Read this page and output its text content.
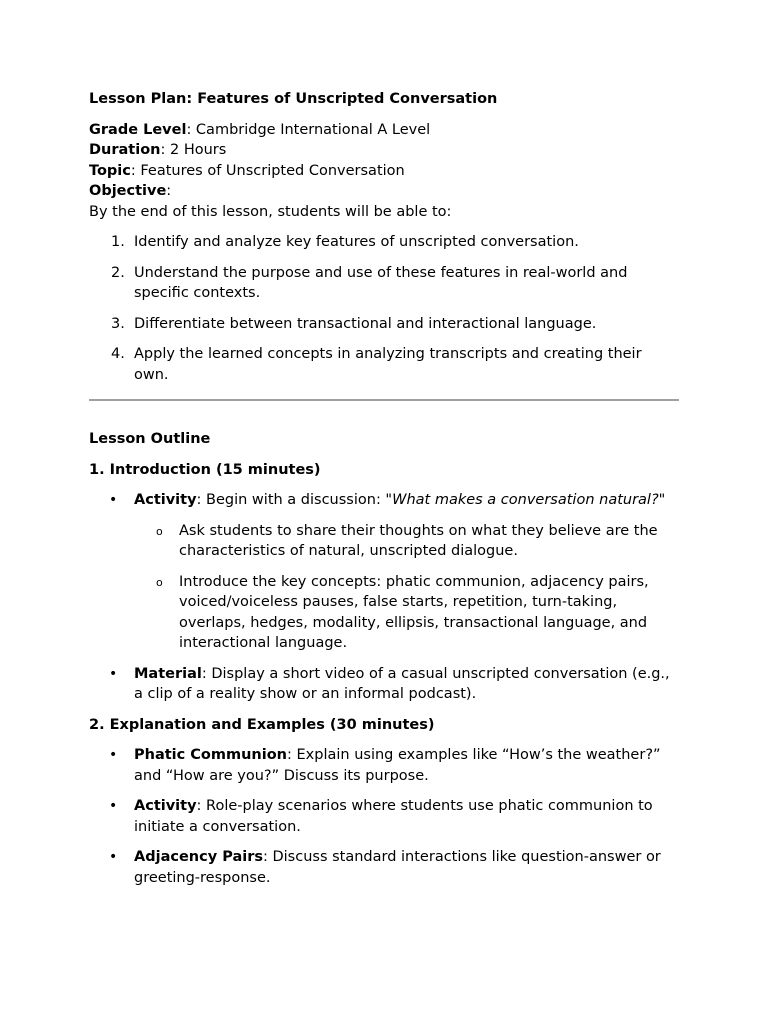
Lesson Plan: Features of Unscripted Conversation

Grade Level: Cambridge International A Level

Duration: 2 Hours

Topic: Features of Unscripted Conversation

Objective:

By the end of this lesson, students will be able to:

1. Identify and analyze key features of unscripted conversation.
2. Understand the purpose and use of these features in real-world and specific contexts.
3. Differentiate between transactional and interactional language.
4. Apply the learned concepts in analyzing transcripts and creating their own.

Lesson Outline

1. Introduction (15 minutes)

• Activity: Begin with a discussion: "What makes a conversation natural?"
o Ask students to share their thoughts on what they believe are the characteristics of natural, unscripted dialogue.
o Introduce the key concepts: phatic communion, adjacency pairs, voiced/voiceless pauses, false starts, repetition, turn-taking, overlaps, hedges, modality, ellipsis, transactional language, and interactional language.
• Material: Display a short video of a casual unscripted conversation (e.g., a clip of a reality show or an informal podcast).

2. Explanation and Examples (30 minutes)

• Phatic Communion: Explain using examples like “How’s the weather?” and “How are you?” Discuss its purpose.
• Activity: Role-play scenarios where students use phatic communion to initiate a conversation.
• Adjacency Pairs: Discuss standard interactions like question-answer or greeting-response.
